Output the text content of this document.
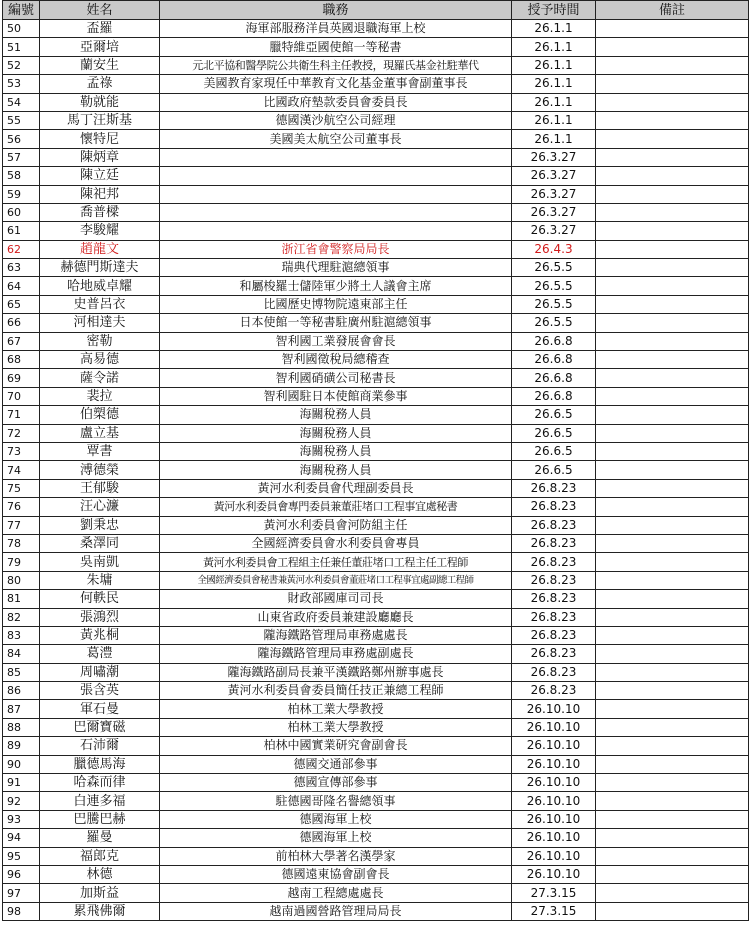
編號	姓名	職務	授予時間	備註
50	盃羅	海軍部服務洋員英國退職海軍上校	26.1.1	
51	亞爾培	臘特維亞國使館一等秘書	26.1.1	
52	蘭安生	元北平協和醫學院公共衛生科主任教授，現羅氏基金社駐華代	26.1.1	
53	孟祿	美國教育家現任中華教育文化基金董事會副董事長	26.1.1	
54	勒就能	比國政府墊款委員會委員長	26.1.1	
55	馬丁汪斯基	德國漢沙航空公司經理	26.1.1	
56	懷特尼	美國美太航空公司董事長	26.1.1	
57	陳炳章		26.3.27	
58	陳立廷		26.3.27	
59	陳祀邦		26.3.27	
60	喬普樑		26.3.27	
61	李駿耀		26.3.27	
62	趙龍文	浙江省會警察局局長	26.4.3	
63	赫德門斯達夫	瑞典代理駐滬總領事	26.5.5	
64	哈地威卓耀	和屬梭羅士儲陸軍少將土人議會主席	26.5.5	
65	史普呂衣	比國歷史博物院遠東部主任	26.5.5	
66	河相達夫	日本使館一等秘書駐廣州駐滬總領事	26.5.5	
67	密勒	智利國工業發展會會長	26.6.8	
68	高易德	智利國徵稅局總稽查	26.6.8	
69	薩令諾	智利國硝磺公司秘書長	26.6.8	
70	裴拉	智利國駐日本使館商業參事	26.6.8	
71	伯槊德	海關稅務人員	26.6.5	
72	盧立基	海關稅務人員	26.6.5	
73	覃書	海關稅務人員	26.6.5	
74	溥德榮	海關稅務人員	26.6.5	
75	王郁駿	黃河水利委員會代理副委員長	26.8.23	
76	汪心濂	黃河水利委員會專門委員兼董莊堵口工程事宜處秘書	26.8.23	
77	劉秉忠	黃河水利委員會河防組主任	26.8.23	
78	桑澤同	全國經濟委員會水利委員會專員	26.8.23	
79	吳南凱	黃河水利委員會工程組主任兼任董莊堵口工程主任工程師	26.8.23	
80	朱墉	全國經濟委員會秘書兼黃河水利委員會董莊堵口工程事宜處副總工程師	26.8.23	
81	何軼民	財政部國庫司司長	26.8.23	
82	張鴻烈	山東省政府委員兼建設廳廳長	26.8.23	
83	黃兆桐	隴海鐵路管理局車務處處長	26.8.23	
84	葛澧	隴海鐵路管理局車務處副處長	26.8.23	
85	周嘯潮	隴海鐵路副局長兼平漢鐵路鄭州辦事處長	26.8.23	
86	張含英	黃河水利委員會委員簡任技正兼總工程師	26.8.23	
87	軍石曼	柏林工業大學教授	26.10.10	
88	巴爾寶磁	柏林工業大學教授	26.10.10	
89	石沛爾	柏林中國實業研究會副會長	26.10.10	
90	臘德馬海	德國交通部參事	26.10.10	
91	哈森而律	德國宣傳部參事	26.10.10	
92	白連多福	駐德國哥隆名譽總領事	26.10.10	
93	巴騰巴赫	德國海軍上校	26.10.10	
94	羅曼	德國海軍上校	26.10.10	
95	福郎克	前柏林大學著名漢學家	26.10.10	
96	林德	德國遠東協會副會長	26.10.10	
97	加斯益	越南工程總處處長	27.3.15	
98	累飛佛爾	越南過國營路管理局局長	27.3.15	
